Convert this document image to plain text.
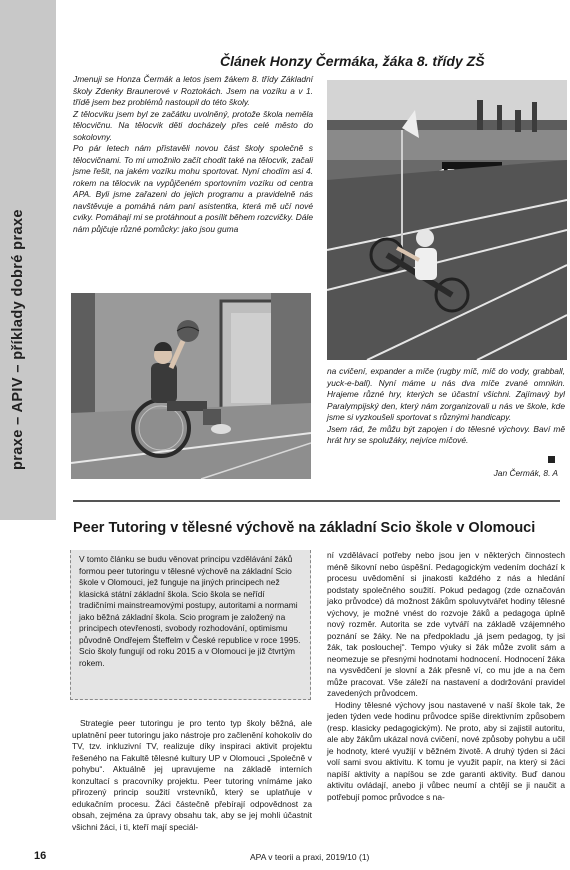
praxe – APIV – příklady dobré praxe
Článek Honzy Čermáka, žáka 8. třídy ZŠ

Jmenuji se Honza Čermák a letos jsem žákem 8. třídy Základní školy Zdenky Braunerové v Roztokách. Jsem na vozíku a v 1. třídě jsem bez problémů nastoupil do této školy.

Z tělocviku jsem byl ze začátku uvolněný, protože škola neměla tělocvičnu. Na tělocvik děti docházely přes celé město do sokolovny.

Po pár letech nám přistavěli novou část školy společně s tělocvičnami. To mi umožnilo začít chodit také na tělocvik, začali jsme řešit, na jakém vozíku mohu sportovat. Nyní chodím asi 4. rokem na tělocvik na vypůjčeném sportovním vozíku od centra APA. Byli jsme zařazeni do jejich programu a pravidelně nás navštěvuje a pomáhá nám paní asistentka, která mě učí nové cviky. Pomáhají mi se protáhnout a posílit během rozcvičky. Dále nám půjčuje různé pomůcky: jako jsou guma

na cvičení, expander a míče (rugby míč, míč do vody, grabball, yuck-e-ball). Nyní máme u nás dva míče zvané omnikin. Hrajeme různé hry, kterých se účastní všichni. Zajímavý byl Paralympijský den, který nám zorganizovali u nás ve škole, kde jsme si vyzkoušeli sportovat s různými handicapy.

Jsem rád, že můžu být zapojen i do tělesné výchovy. Baví mě hrát hry se spolužáky, nejvíce míčové.

Jan Čermák, 8. A
Peer Tutoring v tělesné výchově na základní Scio škole v Olomouci

V tomto článku se budu věnovat principu vzdělávání žáků formou peer tutoringu v tělesné výchově na základní Scio škole v Olomouci, jež funguje na jiných principech než klasická státní základní škola. Scio škola se neřídí tradičními mainstreamovými postupy, autoritami a normami jako běžná základní škola. Scio program je založený na principech otevřenosti, svobody rozhodování, optimismu původně Ondřejem Šteffelm v České republice v roce 1995. Scio školy fungují od roku 2015 a v Olomouci je již čtvrtým rokem.

Strategie peer tutoringu je pro tento typ školy běžná, ale uplatnění peer tutoringu jako nástroje pro začlenění kohokoliv do TV, tzv. inkluzivní TV, realizuje díky inspiraci aktivit projektu řešeného na Fakultě tělesné kultury UP v Olomouci „Společně v pohybu“. Aktuálně jej upravujeme na základě interních konzultací s pracovníky projektu. Peer tutoring vnímáme jako přirozený princip soužití vrstevníků, který se uplatňuje v edukačním procesu. Žáci částečně přebírají odpovědnost za obsah, zejména za úpravy obsahu tak, aby se jej mohli účastnit všichni žáci, i ti, kteří mají speciál-

ní vzdělávací potřeby nebo jsou jen v některých činnostech méně šikovní nebo úspěšní. Pedagogickým vedením dochází k procesu uvědomění si jinakosti každého z nás a hledání podstaty společného soužití. Pokud pedagog (zde označován jako průvodce) dá možnost žákům spoluvytvářet hodiny tělesné výchovy, je možné vnést do rozvoje žáků a pedagoga úplně nový rozměr. Autorita se zde vytváří na základě vzájemného poznání se žáky. Ne na předpokladu „já jsem pedagog, ty jsi žák, tak poslouchej“. Tempo výuky si žák může zvolit sám a neomezuje se přesnými hodnotami hodnocení. Hodnocení žáka na vysvědčení je slovní a žák přesně ví, co mu jde a na čem může pracovat. Vše záleží na nastavení a dodržování pravidel zavedených průvodcem.

Hodiny tělesné výchovy jsou nastavené v naší škole tak, že jeden týden vede hodinu průvodce spíše direktivním způsobem (resp. klasicky pedagogickým). Ne proto, aby si zajistil autoritu, ale aby žákům ukázal nová cvičení, nové způsoby pohybu a učil je hodnoty, které využijí v běžném životě. A druhý týden si žáci volí sami svou aktivitu. K tomu je využit papír, na který si žáci napíší aktivity a napíšou se zde garanti aktivity. Buď danou aktivitu ovládají, anebo ji vůbec neumí a chtějí se ji naučit a potřebují pomoc průvodce s na-

16	APA v teorii a praxi, 2019/10 (1)
